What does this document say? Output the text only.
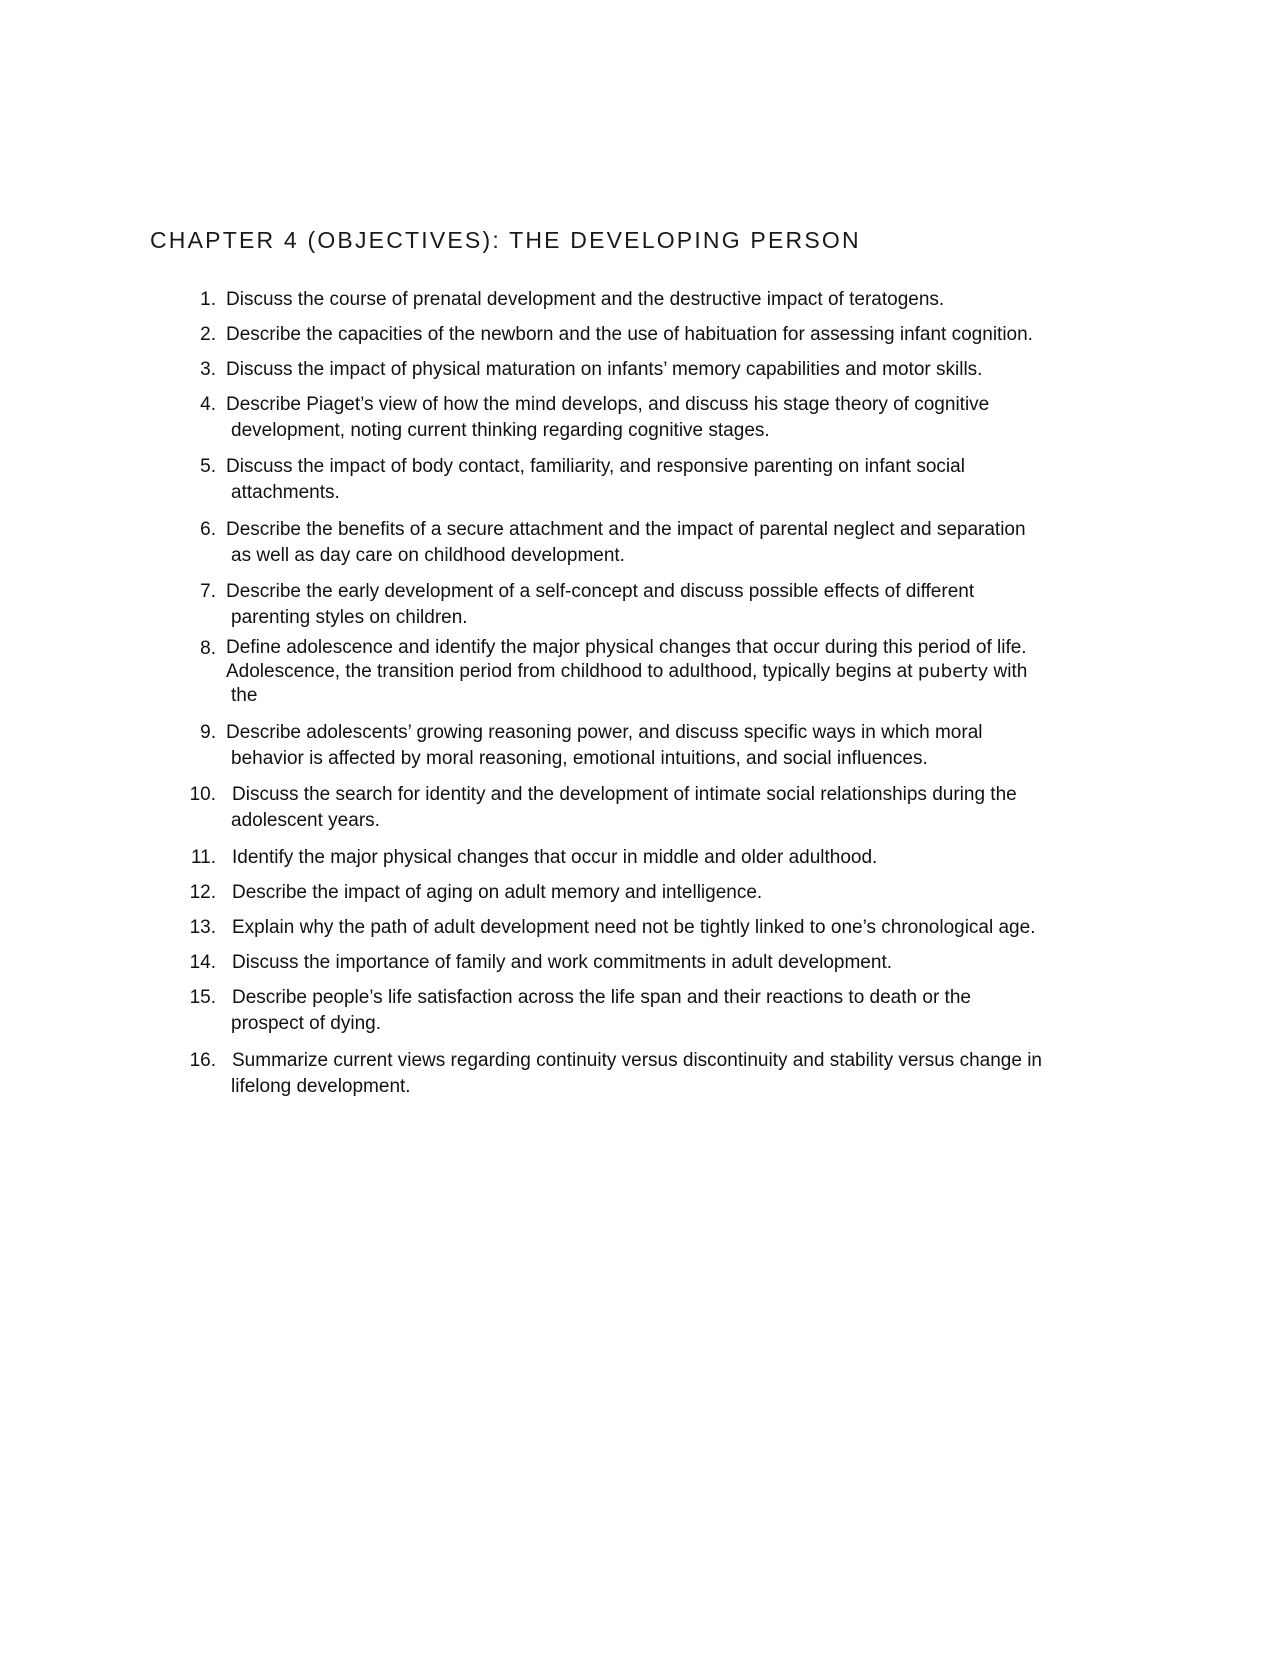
CHAPTER 4 (OBJECTIVES): THE DEVELOPING PERSON
1. Discuss the course of prenatal development and the destructive impact of teratogens.
2. Describe the capacities of the newborn and the use of habituation for assessing infant cognition.
3. Discuss the impact of physical maturation on infants’ memory capabilities and motor skills.
4. Describe Piaget’s view of how the mind develops, and discuss his stage theory of cognitive
development, noting current thinking regarding cognitive stages.
5. Discuss the impact of body contact, familiarity, and responsive parenting on infant social
attachments.
6. Describe the benefits of a secure attachment and the impact of parental neglect and separation
as well as day care on childhood development.
7. Describe the early development of a self-concept and discuss possible effects of different
parenting styles on children.
8. Define adolescence and identify the major physical changes that occur during this period of life.
Adolescence, the transition period from childhood to adulthood, typically begins at puberty with
the
9. Describe adolescents’ growing reasoning power, and discuss specific ways in which moral
behavior is affected by moral reasoning, emotional intuitions, and social influences.
10. Discuss the search for identity and the development of intimate social relationships during the
adolescent years.
11. Identify the major physical changes that occur in middle and older adulthood.
12. Describe the impact of aging on adult memory and intelligence.
13. Explain why the path of adult development need not be tightly linked to one’s chronological age.
14. Discuss the importance of family and work commitments in adult development.
15. Describe people’s life satisfaction across the life span and their reactions to death or the
prospect of dying.
16. Summarize current views regarding continuity versus discontinuity and stability versus change in
lifelong development.
